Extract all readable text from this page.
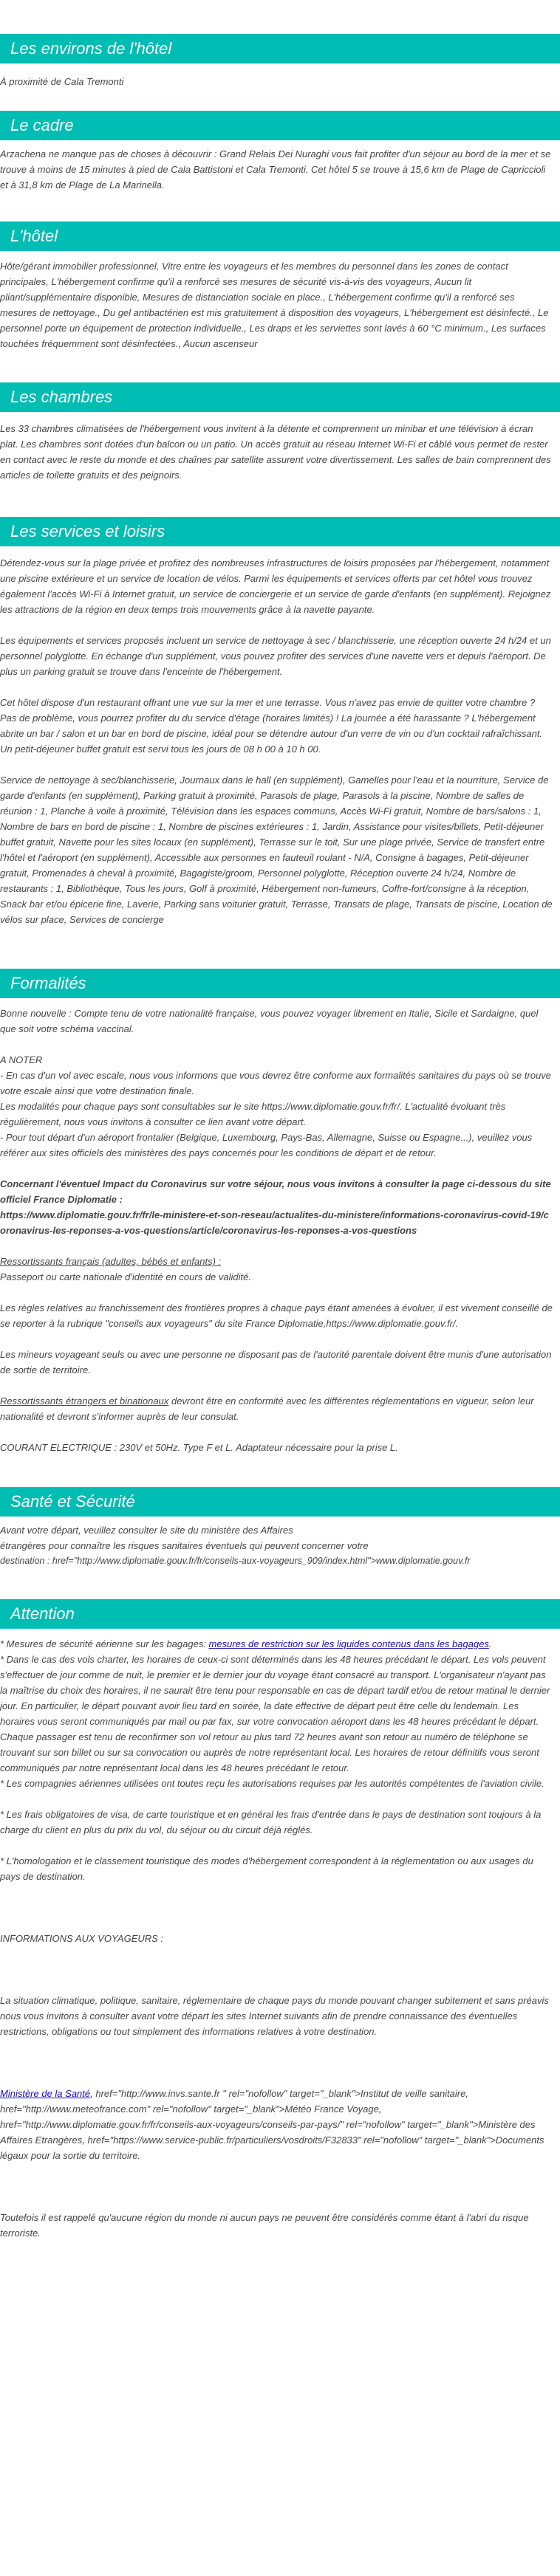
Les environs de l'hôtel

À proximité de Cala Tremonti

Le cadre

Arzachena ne manque pas de choses à découvrir : Grand Relais Dei Nuraghi vous fait profiter d'un séjour au bord de la mer et se trouve à moins de 15 minutes à pied de Cala Battistoni et Cala Tremonti. Cet hôtel 5 se trouve à 15,6 km de Plage de Capriccioli et à 31,8 km de Plage de La Marinella.

L'hôtel

Hôte/gérant immobilier professionnel, Vitre entre les voyageurs et les membres du personnel dans les zones de contact principales, L'hébergement confirme qu'il a renforcé ses mesures de sécurité vis-à-vis des voyageurs, Aucun lit pliant/supplémentaire disponible, Mesures de distanciation sociale en place., L'hébergement confirme qu'il a renforcé ses mesures de nettoyage., Du gel antibactérien est mis gratuitement à disposition des voyageurs, L'hébergement est désinfecté., Le personnel porte un équipement de protection individuelle., Les draps et les serviettes sont lavés à 60 °C minimum., Les surfaces touchées fréquemment sont désinfectées., Aucun ascenseur

Les chambres

Les 33 chambres climatisées de l'hébergement vous invitent à la détente et comprennent un minibar et une télévision à écran plat. Les chambres sont dotées d'un balcon ou un patio. Un accès gratuit au réseau Internet Wi-Fi et câblé vous permet de rester en contact avec le reste du monde et des chaînes par satellite assurent votre divertissement. Les salles de bain comprennent des articles de toilette gratuits et des peignoirs.

Les services et loisirs

Détendez-vous sur la plage privée et profitez des nombreuses infrastructures de loisirs proposées par l'hébergement, notamment une piscine extérieure et un service de location de vélos. Parmi les équipements et services offerts par cet hôtel vous trouvez également l'accès Wi-Fi à Internet gratuit, un service de conciergerie et un service de garde d'enfants (en supplément). Rejoignez les attractions de la région en deux temps trois mouvements grâce à la navette payante.

Les équipements et services proposés incluent un service de nettoyage à sec / blanchisserie, une réception ouverte 24 h/24 et un personnel polyglotte. En échange d'un supplément, vous pouvez profiter des services d'une navette vers et depuis l'aéroport. De plus un parking gratuit se trouve dans l'enceinte de l'hébergement.

Cet hôtel dispose d'un restaurant offrant une vue sur la mer et une terrasse. Vous n'avez pas envie de quitter votre chambre ? Pas de problème, vous pourrez profiter du du service d'étage (horaires limités) ! La journée a été harassante ? L'hébergement abrite un bar / salon et un bar en bord de piscine, idéal pour se détendre autour d'un verre de vin ou d'un cocktail rafraîchissant. Un petit-déjeuner buffet gratuit est servi tous les jours de 08 h 00 à 10 h 00.

Service de nettoyage à sec/blanchisserie, Journaux dans le hall (en supplément), Gamelles pour l'eau et la nourriture, Service de garde d'enfants (en supplément), Parking gratuit à proximité, Parasols de plage, Parasols à la piscine, Nombre de salles de réunion : 1, Planche à voile à proximité, Télévision dans les espaces communs, Accès Wi-Fi gratuit, Nombre de bars/salons : 1, Nombre de bars en bord de piscine : 1, Nombre de piscines extérieures : 1, Jardin, Assistance pour visites/billets, Petit-déjeuner buffet gratuit, Navette pour les sites locaux (en supplément), Terrasse sur le toit, Sur une plage privée, Service de transfert entre l'hôtel et l'aéroport (en supplément), Accessible aux personnes en fauteuil roulant - N/A, Consigne à bagages, Petit-déjeuner gratuit, Promenades à cheval à proximité, Bagagiste/groom, Personnel polyglotte, Réception ouverte 24 h/24, Nombre de restaurants : 1, Bibliothèque, Tous les jours, Golf à proximité, Hébergement non-fumeurs, Coffre-fort/consigne à la réception, Snack bar et/ou épicerie fine, Laverie, Parking sans voiturier gratuit, Terrasse, Transats de plage, Transats de piscine, Location de vélos sur place, Services de concierge

Formalités

Bonne nouvelle : Compte tenu de votre nationalité française, vous pouvez voyager librement en Italie, Sicile et Sardaigne, quel que soit votre schéma vaccinal.

A NOTER

- En cas d'un vol avec escale, nous vous informons que vous devrez être conforme aux formalités sanitaires du pays où se trouve votre escale ainsi que votre destination finale.

Les modalités pour chaque pays sont consultables sur le site https://www.diplomatie.gouv.fr/fr/. L'actualité évoluant très régulièrement, nous vous invitons à consulter ce lien avant votre départ.

- Pour tout départ d'un aéroport frontalier (Belgique, Luxembourg, Pays-Bas, Allemagne, Suisse ou Espagne...), veuillez vous référer aux sites officiels des ministères des pays concernés pour les conditions de départ et de retour.

Concernant l'éventuel Impact du Coronavirus sur votre séjour, nous vous invitons à consulter la page ci-dessous du site officiel France Diplomatie :

https://www.diplomatie.gouv.fr/fr/le-ministere-et-son-reseau/actualites-du-ministere/informations-coronavirus-covid-19/coronavirus-les-reponses-a-vos-questions/article/coronavirus-les-reponses-a-vos-questions

Ressortissants français (adultes, bébés et enfants) :

Passeport ou carte nationale d'identité en cours de validité.

Les règles relatives au franchissement des frontières propres à chaque pays étant amenées à évoluer, il est vivement conseillé de se reporter à la rubrique "conseils aux voyageurs" du site France Diplomatie,https://www.diplomatie.gouv.fr/.

Les mineurs voyageant seuls ou avec une personne ne disposant pas de l'autorité parentale doivent être munis d'une autorisation de sortie de territoire.

Ressortissants étrangers et binationaux devront être en conformité avec les différentes réglementations en vigueur, selon leur nationalité et devront s'informer auprès de leur consulat.

COURANT ELECTRIQUE : 230V et 50Hz. Type F et L. Adaptateur nécessaire pour la prise L.

Santé et Sécurité

Avant votre départ, veuillez consulter le site du ministère des Affaires

étrangères pour connaître les risques sanitaires éventuels qui peuvent concerner votre

destination : href="http://www.diplomatie.gouv.fr/fr/conseils-aux-voyageurs_909/index.html">www.diplomatie.gouv.fr

Attention

* Mesures de sécurité aérienne sur les bagages: mesures de restriction sur les liquides contenus dans les bagages.

* Dans le cas des vols charter, les horaires de ceux-ci sont déterminés dans les 48 heures précédant le départ. Les vols peuvent s'effectuer de jour comme de nuit, le premier et le dernier jour du voyage étant consacré au transport. L'organisateur n'ayant pas la maîtrise du choix des horaires, il ne saurait être tenu pour responsable en cas de départ tardif et/ou de retour matinal le dernier jour. En particulier, le départ pouvant avoir lieu tard en soirée, la date effective de départ peut être celle du lendemain. Les horaires vous seront communiqués par mail ou par fax, sur votre convocation aéroport dans les 48 heures précédant le départ. Chaque passager est tenu de reconfirmer son vol retour au plus tard 72 heures avant son retour au numéro de téléphone se trouvant sur son billet ou sur sa convocation ou auprès de notre représentant local. Les horaires de retour définitifs vous seront communiqués par notre représentant local dans les 48 heures précédant le retour.

* Les compagnies aériennes utilisées ont toutes reçu les autorisations requises par les autorités compétentes de l'aviation civile.

* Les frais obligatoires de visa, de carte touristique et en général les frais d'entrée dans le pays de destination sont toujours à la charge du client en plus du prix du vol, du séjour ou du circuit déjà réglés.

* L'homologation et le classement touristique des modes d'hébergement correspondent à la réglementation ou aux usages du pays de destination.

INFORMATIONS AUX VOYAGEURS :

La situation climatique, politique, sanitaire, réglementaire de chaque pays du monde pouvant changer subitement et sans préavis

nous vous invitons à consulter avant votre départ les sites Internet suivants afin de prendre connaissance des éventuelles restrictions, obligations ou tout simplement des informations relatives à votre destination.

Ministère de la Santé, href="http://www.invs.sante.fr " rel="nofollow" target="_blank">Institut de veille sanitaire, href="http://www.meteofrance.com" rel="nofollow" target="_blank">Météo France Voyage, href="http://www.diplomatie.gouv.fr/fr/conseils-aux-voyageurs/conseils-par-pays/" rel="nofollow" target="_blank">Ministère des Affaires Etrangères, href="https://www.service-public.fr/particuliers/vosdroits/F32833" rel="nofollow" target="_blank">Documents légaux pour la sortie du territoire.

Toutefois il est rappelé qu'aucune région du monde ni aucun pays ne peuvent être considérés comme étant à l'abri du risque terroriste.
